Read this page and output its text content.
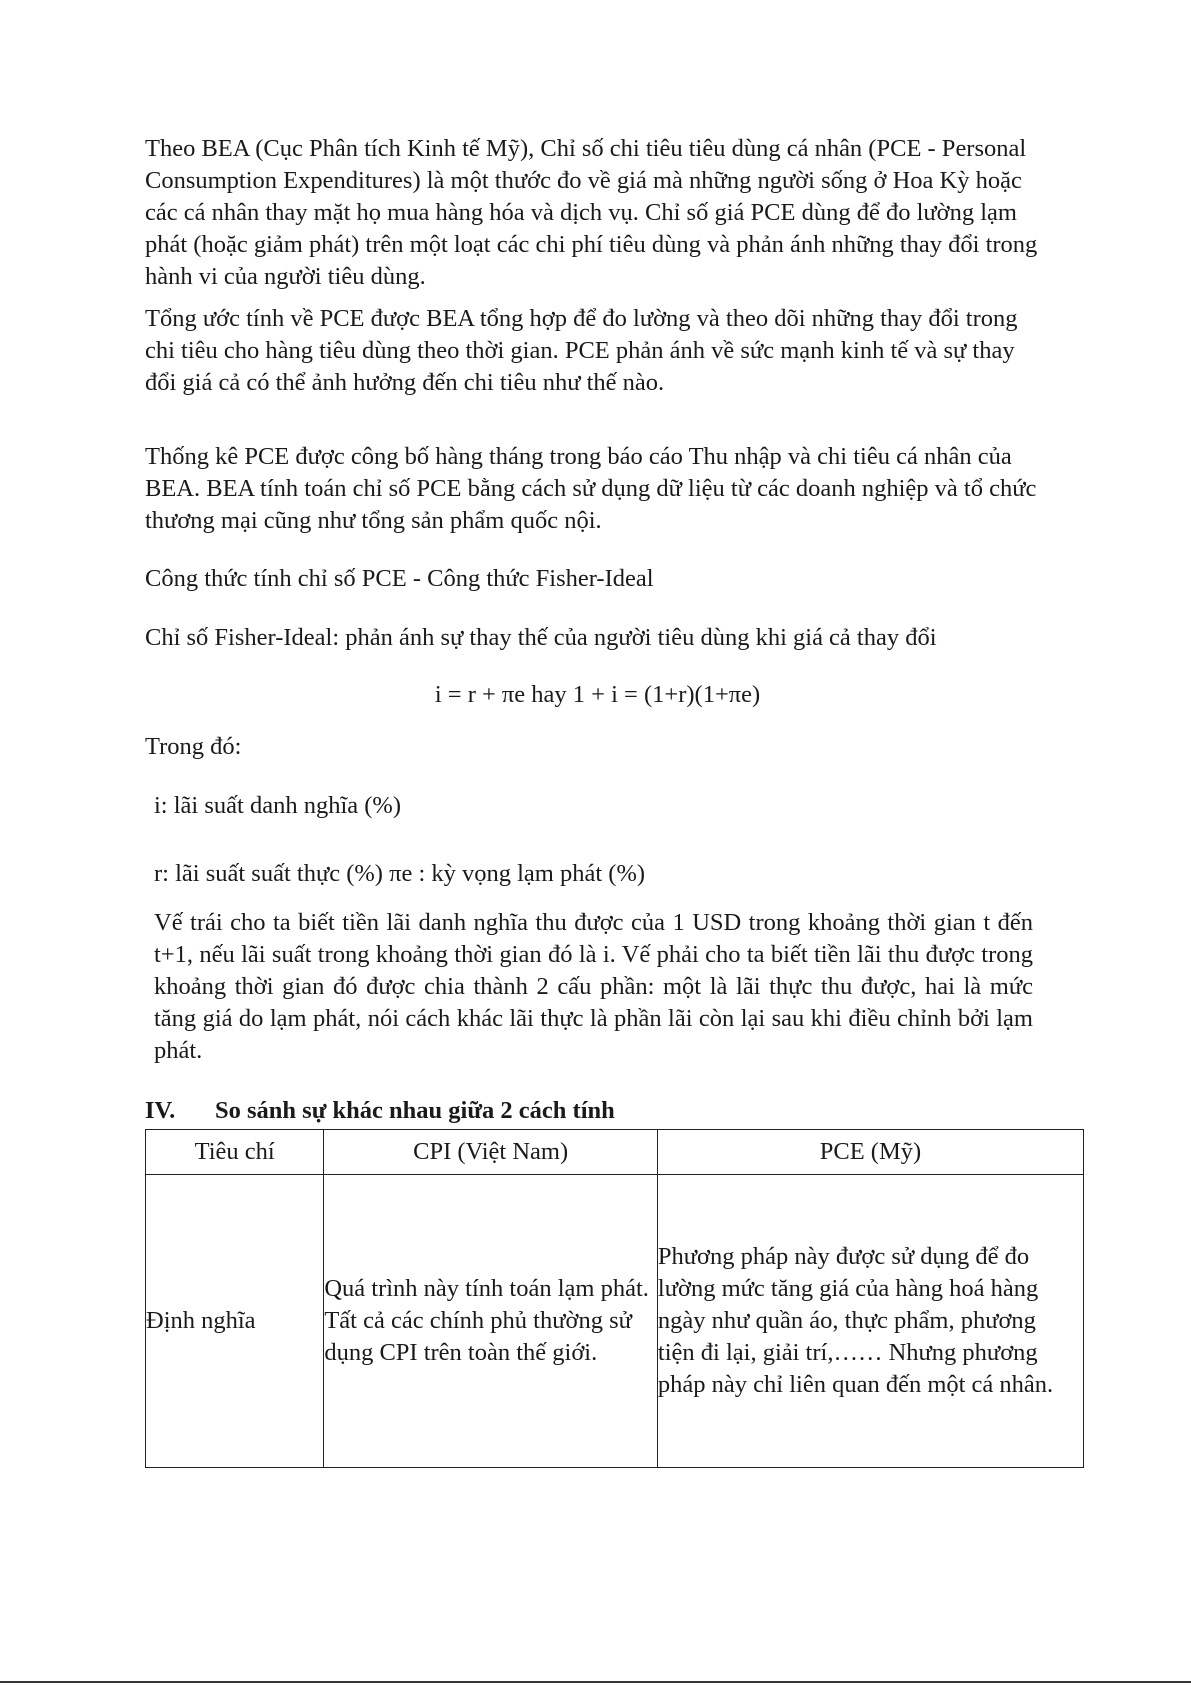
Theo BEA (Cục Phân tích Kinh tế Mỹ), Chỉ số chi tiêu tiêu dùng cá nhân (PCE - Personal Consumption Expenditures) là một thước đo về giá mà những người sống ở Hoa Kỳ hoặc các cá nhân thay mặt họ mua hàng hóa và dịch vụ. Chỉ số giá PCE dùng để đo lường lạm phát (hoặc giảm phát) trên một loạt các chi phí tiêu dùng và phản ánh những thay đổi trong hành vi của người tiêu dùng.

Tổng ước tính về PCE được BEA tổng hợp để đo lường và theo dõi những thay đổi trong chi tiêu cho hàng tiêu dùng theo thời gian. PCE phản ánh về sức mạnh kinh tế và sự thay đổi giá cả có thể ảnh hưởng đến chi tiêu như thế nào.

Thống kê PCE được công bố hàng tháng trong báo cáo Thu nhập và chi tiêu cá nhân của BEA. BEA tính toán chỉ số PCE bằng cách sử dụng dữ liệu từ các doanh nghiệp và tổ chức thương mại cũng như tổng sản phẩm quốc nội.

Công thức tính chỉ số PCE - Công thức Fisher-Ideal

Chỉ số Fisher-Ideal: phản ánh sự thay thế của người tiêu dùng khi giá cả thay đổi

i = r + πe hay 1 + i = (1+r)(1+πe)

Trong đó:

i: lãi suất danh nghĩa (%)

r: lãi suất suất thực (%) πe : kỳ vọng lạm phát (%)

Vế trái cho ta biết tiền lãi danh nghĩa thu được của 1 USD trong khoảng thời gian t đến t+1, nếu lãi suất trong khoảng thời gian đó là i. Vế phải cho ta biết tiền lãi thu được trong khoảng thời gian đó được chia thành 2 cấu phần: một là lãi thực thu được, hai là mức tăng giá do lạm phát, nói cách khác lãi thực là phần lãi còn lại sau khi điều chỉnh bởi lạm phát.

IV. So sánh sự khác nhau giữa 2 cách tính
Tiêu chí	CPI (Việt Nam)	PCE (Mỹ)

Định nghĩa	Quá trình này tính toán lạm phát. Tất cả các chính phủ thường sử dụng CPI trên toàn thế giới.	Phương pháp này được sử dụng để đo lường mức tăng giá của hàng hoá hàng ngày như quần áo, thực phẩm, phương tiện đi lại, giải trí,…… Nhưng phương pháp này chỉ liên quan đến một cá nhân.
